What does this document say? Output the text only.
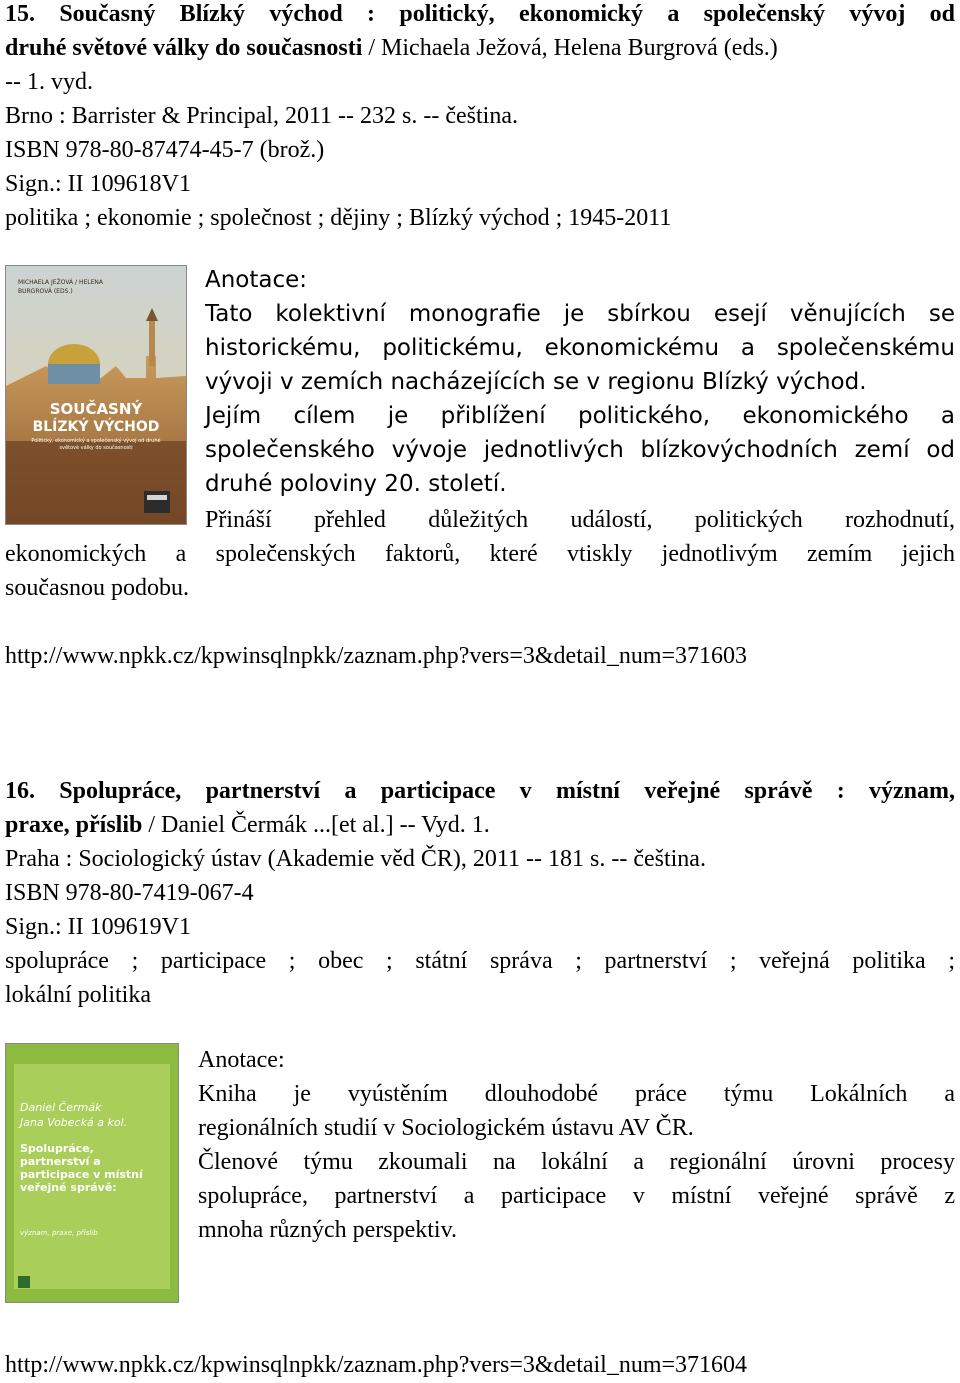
15. Současný Blízký východ : politický, ekonomický a společenský vývoj od
druhé světové války do současnosti / Michaela Ježová, Helena Burgrová (eds.)
-- 1. vyd.
Brno : Barrister & Principal, 2011 -- 232 s. -- čeština.
ISBN 978-80-87474-45-7 (brož.)
Sign.: II 109618V1
politika ; ekonomie ; společnost ; dějiny ; Blízký východ ; 1945-2011
MICHAELA JEŽOVÁ / HELENA BURGROVÁ (EDS.)
SOUČASNÝ
BLÍZKÝ VÝCHOD
Politický, ekonomický a společenský vývoj od druhé světové války do současnosti
Anotace:
Tato kolektivní monografie je sbírkou esejí věnujících se
historickému, politickému, ekonomickému a společenskému
vývoji v zemích nacházejících se v regionu Blízký východ.
Jejím cílem je přiblížení politického, ekonomického a
společenského vývoje jednotlivých blízkovýchodních zemí od
druhé poloviny 20. století.
Přináší přehled důležitých událostí, politických rozhodnutí,
ekonomických a společenských faktorů, které vtiskly jednotlivým zemím jejich
současnou podobu.
http://www.npkk.cz/kpwinsqlnpkk/zaznam.php?vers=3&detail_num=371603
16. Spolupráce, partnerství a participace v místní veřejné správě : význam,
praxe, příslib / Daniel Čermák ...[et al.] -- Vyd. 1.
Praha : Sociologický ústav (Akademie věd ČR), 2011 -- 181 s. -- čeština.
ISBN 978-80-7419-067-4
Sign.: II 109619V1
spolupráce ; participace ; obec ; státní správa ; partnerství ; veřejná politika ;
lokální politika
Daniel Čermák
Jana Vobecká a kol.
Spolupráce, partnerství a participace v místní veřejné správě:
význam, praxe, příslib
Anotace:
Kniha je vyústěním dlouhodobé práce týmu Lokálních a
regionálních studií v Sociologickém ústavu AV ČR.
Členové týmu zkoumali na lokální a regionální úrovni procesy
spolupráce, partnerství a participace v místní veřejné správě z
mnoha různých perspektiv.
http://www.npkk.cz/kpwinsqlnpkk/zaznam.php?vers=3&detail_num=371604
